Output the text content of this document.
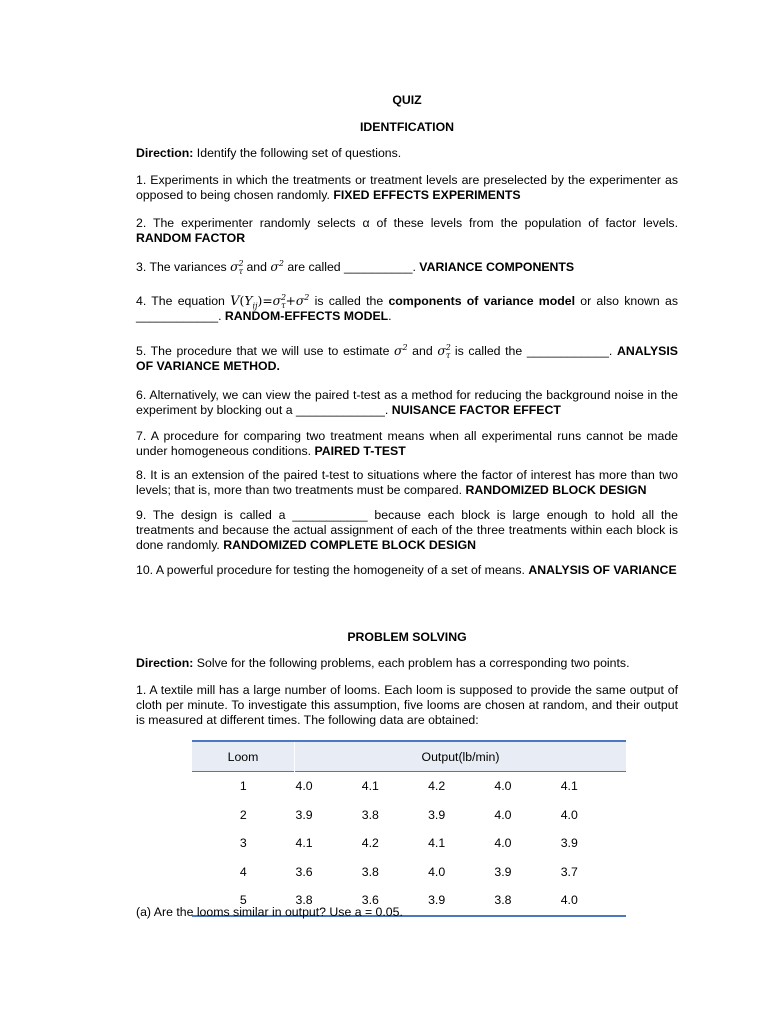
QUIZ
IDENTFICATION

Direction: Identify the following set of questions.

1. Experiments in which the treatments or treatment levels are preselected by the experimenter as opposed to being chosen randomly. FIXED EFFECTS EXPERIMENTS

2. The experimenter randomly selects α of these levels from the population of factor levels. RANDOM FACTOR

3. The variances $\sigma^2_\tau$ and $\sigma^2$ are called __________. VARIANCE COMPONENTS

4. The equation $V(Y_{ij})=\sigma^2_\tau+\sigma^2$ is called the components of variance model or also known as ____________. RANDOM-EFFECTS MODEL.

5. The procedure that we will use to estimate $\sigma^2$ and $\sigma^2_\tau$ is called the ____________. ANALYSIS OF VARIANCE METHOD.

6. Alternatively, we can view the paired t-test as a method for reducing the background noise in the experiment by blocking out a _____________. NUISANCE FACTOR EFFECT

7. A procedure for comparing two treatment means when all experimental runs cannot be made under homogeneous conditions. PAIRED T-TEST

8. It is an extension of the paired t-test to situations where the factor of interest has more than two levels; that is, more than two treatments must be compared. RANDOMIZED BLOCK DESIGN

9. The design is called a ___________ because each block is large enough to hold all the treatments and because the actual assignment of each of the three treatments within each block is done randomly. RANDOMIZED COMPLETE BLOCK DESIGN

10. A powerful procedure for testing the homogeneity of a set of means. ANALYSIS OF VARIANCE

PROBLEM SOLVING

Direction: Solve for the following problems, each problem has a corresponding two points.

1. A textile mill has a large number of looms. Each loom is supposed to provide the same output of cloth per minute. To investigate this assumption, five looms are chosen at random, and their output is measured at different times. The following data are obtained:

Loom	Output(lb/min)				
1	4.0	4.1	4.2	4.0	4.1
2	3.9	3.8	3.9	4.0	4.0
3	4.1	4.2	4.1	4.0	3.9
4	3.6	3.8	4.0	3.9	3.7
5	3.8	3.6	3.9	3.8	4.0

(a) Are the looms similar in output? Use a = 0.05.
